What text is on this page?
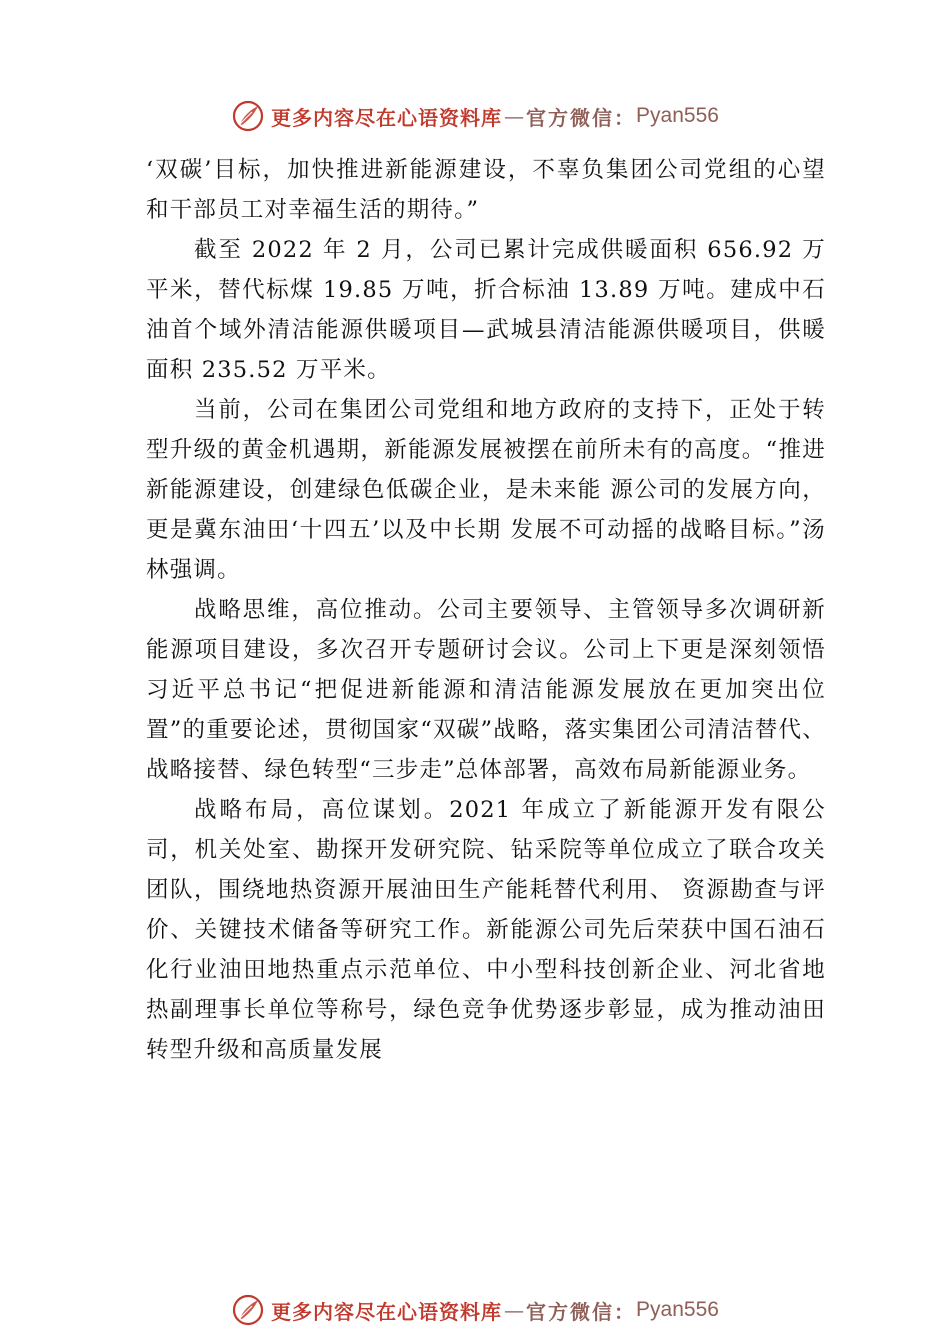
更多内容尽在心语资料库 — 官方微信： Pyan556

‘双碳’目标，加快推进新能源建设，不辜负集团公司党组的心望和干部员工对幸福生活的期待。”

截至 2022 年 2 月，公司已累计完成供暖面积 656.92 万平米，替代标煤 19.85 万吨，折合标油 13.89 万吨。建成中石油首个域外清洁能源供暖项目—武城县清洁能源供暖项目，供暖面积 235.52 万平米。

当前，公司在集团公司党组和地方政府的支持下，正处于转型升级的黄金机遇期，新能源发展被摆在前所未有的高度。“推进新能源建设，创建绿色低碳企业，是未来能 源公司的发展方向，更是冀东油田‘十四五’以及中长期 发展不可动摇的战略目标。”汤林强调。

战略思维，高位推动。公司主要领导、主管领导多次调研新能源项目建设，多次召开专题研讨会议。公司上下更是深刻领悟习近平总书记“把促进新能源和清洁能源发展放在更加突出位置”的重要论述，贯彻国家“双碳”战略，落实集团公司清洁替代、战略接替、绿色转型“三步走”总体部署，高效布局新能源业务。

战略布局，高位谋划。2021 年成立了新能源开发有限公司，机关处室、勘探开发研究院、钻采院等单位成立了联合攻关团队，围绕地热资源开展油田生产能耗替代利用、 资源勘查与评价、关键技术储备等研究工作。新能源公司先后荣获中国石油石化行业油田地热重点示范单位、中小型科技创新企业、河北省地热副理事长单位等称号，绿色竞争优势逐步彰显，成为推动油田转型升级和高质量发展

更多内容尽在心语资料库 — 官方微信： Pyan556
